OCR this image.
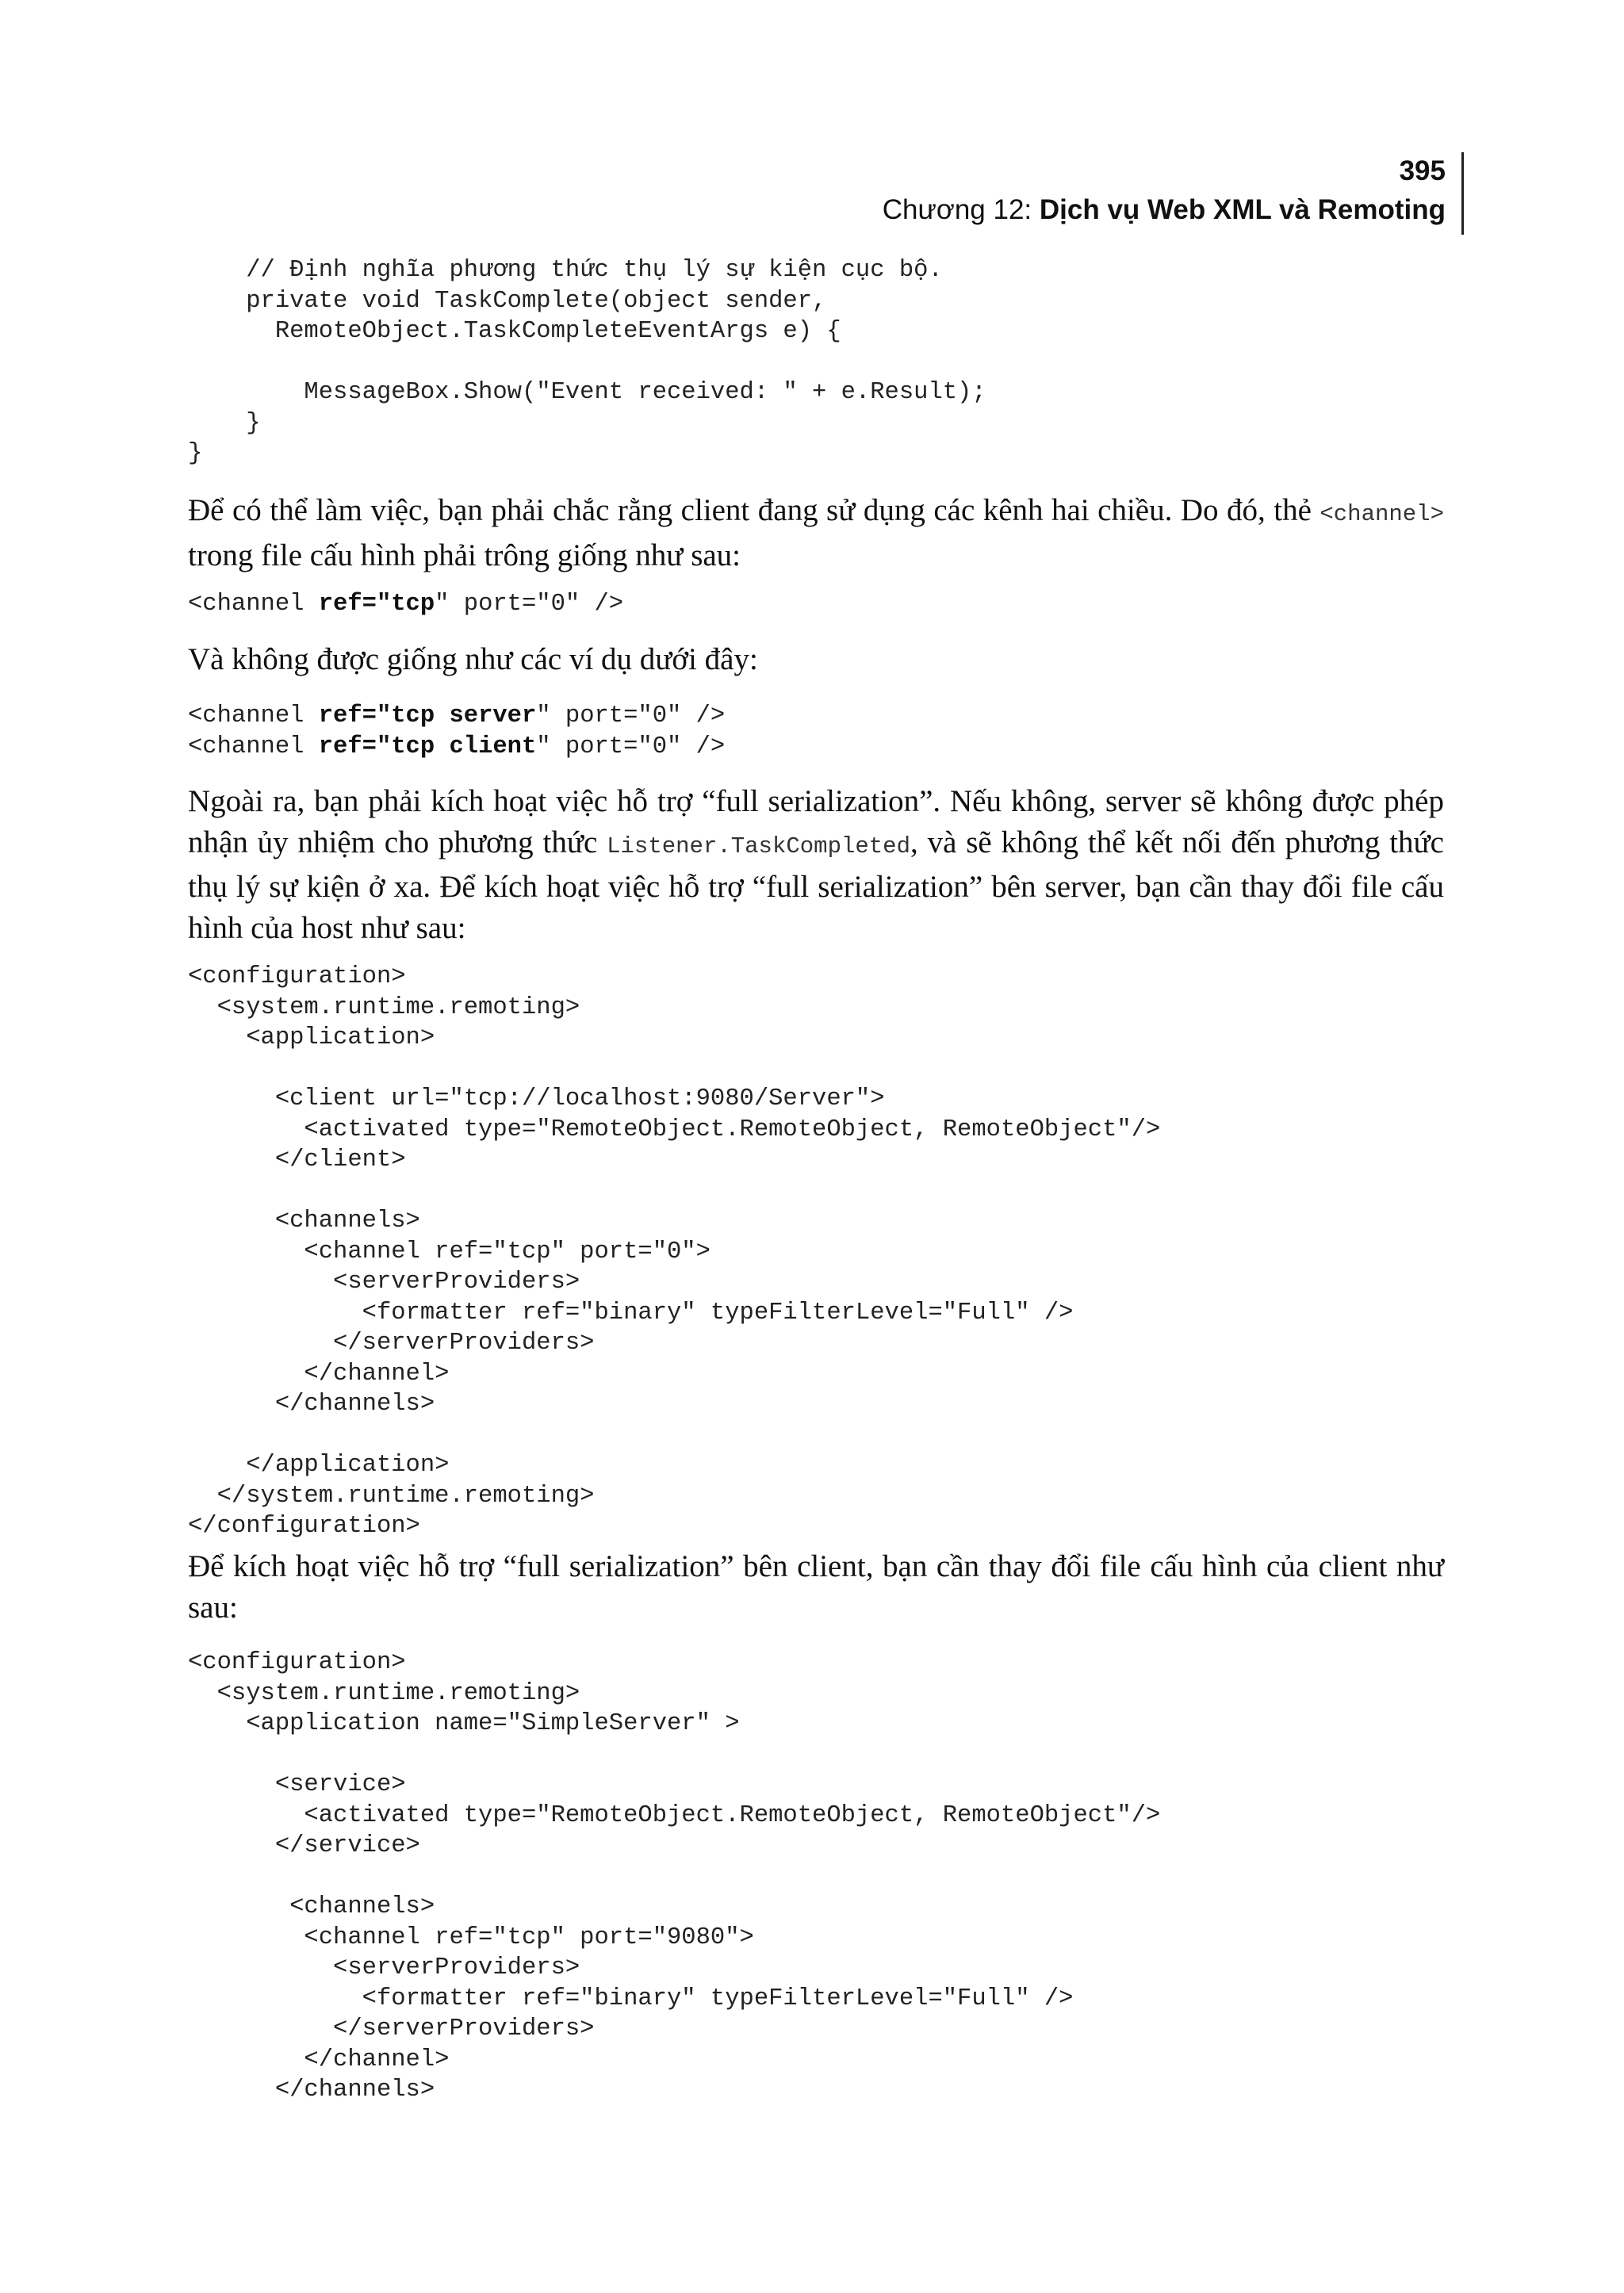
395
Chương 12: Dịch vụ Web XML và Remoting
// Định nghĩa phương thức thụ lý sự kiện cục bộ.
private void TaskComplete(object sender,
RemoteObject.TaskCompleteEventArgs e) {

MessageBox.Show("Event received: " + e.Result);
}
}

Để có thể làm việc, bạn phải chắc rằng client đang sử dụng các kênh hai chiều. Do đó, thẻ <channel> trong file cấu hình phải trông giống như sau:

<channel ref="tcp" port="0" />

Và không được giống như các ví dụ dưới đây:

<channel ref="tcp server" port="0" />
<channel ref="tcp client" port="0" />

Ngoài ra, bạn phải kích hoạt việc hỗ trợ “full serialization”. Nếu không, server sẽ không được phép nhận ủy nhiệm cho phương thức Listener.TaskCompleted, và sẽ không thể kết nối đến phương thức thụ lý sự kiện ở xa. Để kích hoạt việc hỗ trợ “full serialization” bên server, bạn cần thay đổi file cấu hình của host như sau:

<configuration>
<system.runtime.remoting>
<application>

<client url="tcp://localhost:9080/Server">
<activated type="RemoteObject.RemoteObject, RemoteObject"/>
</client>

<channels>
<channel ref="tcp" port="0">
<serverProviders>
<formatter ref="binary" typeFilterLevel="Full" />
</serverProviders>
</channel>
</channels>

</application>
</system.runtime.remoting>
</configuration>

Để kích hoạt việc hỗ trợ “full serialization” bên client, bạn cần thay đổi file cấu hình của client như sau:

<configuration>
<system.runtime.remoting>
<application name="SimpleServer" >

<service>
<activated type="RemoteObject.RemoteObject, RemoteObject"/>
</service>

<channels>
<channel ref="tcp" port="9080">
<serverProviders>
<formatter ref="binary" typeFilterLevel="Full" />
</serverProviders>
</channel>
</channels>
